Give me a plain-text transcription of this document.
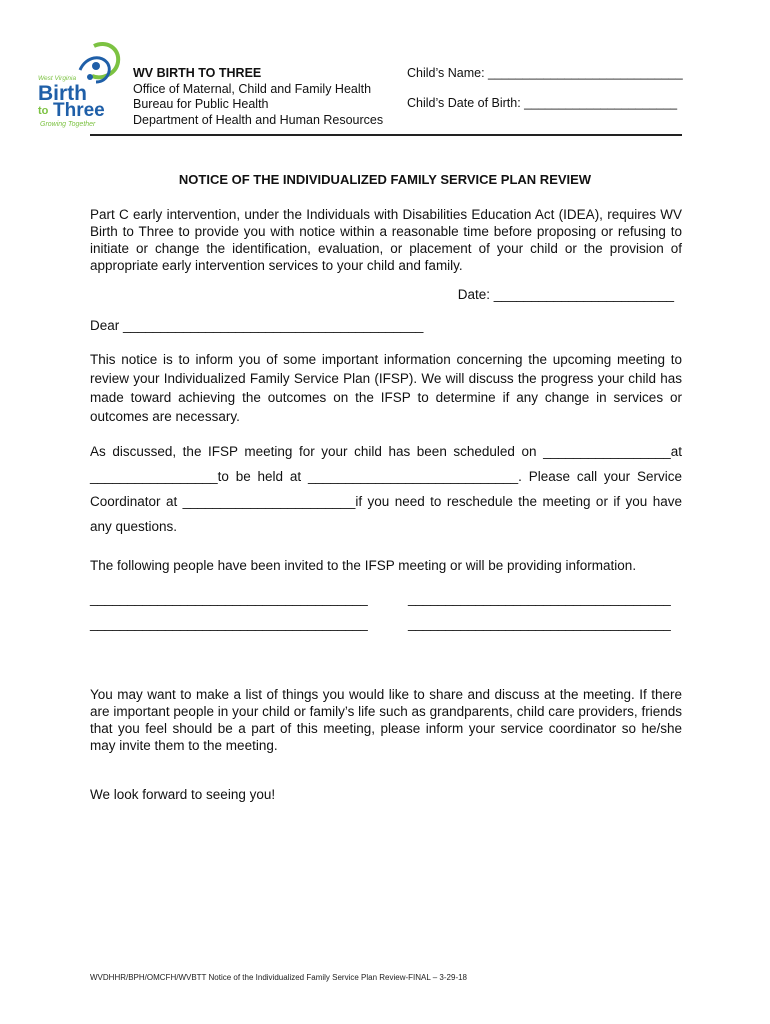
West Virginia
Birth
to Three
Growing Together
WV BIRTH TO THREE
Office of Maternal, Child and Family Health
Bureau for Public Health
Department of Health and Human Resources
Child’s Name: ____________________________
Child’s Date of Birth: ______________________
NOTICE OF THE INDIVIDUALIZED FAMILY SERVICE PLAN REVIEW
Part C early intervention, under the Individuals with Disabilities Education Act (IDEA), requires WV Birth to Three to provide you with notice within a reasonable time before proposing or refusing to initiate or change the identification, evaluation, or placement of your child or the provision of appropriate early intervention services to your child and family.
Date: ________________________
Dear ________________________________________
This notice is to inform you of some important information concerning the upcoming meeting to review your Individualized Family Service Plan (IFSP). We will discuss the progress your child has made toward achieving the outcomes on the IFSP to determine if any change in services or outcomes are necessary.
As discussed, the IFSP meeting for your child has been scheduled on _________________at _________________to be held at ____________________________. Please call your Service Coordinator at _______________________if you need to reschedule the meeting or if you have any questions.
The following people have been invited to the IFSP meeting or will be providing information.
_____________________________________	___________________________________
_____________________________________	___________________________________
You may want to make a list of things you would like to share and discuss at the meeting. If there are important people in your child or family’s life such as grandparents, child care providers, friends that you feel should be a part of this meeting, please inform your service coordinator so he/she may invite them to the meeting.
We look forward to seeing you!
WVDHHR/BPH/OMCFH/WVBTT Notice of the Individualized Family Service Plan Review-FINAL – 3-29-18
